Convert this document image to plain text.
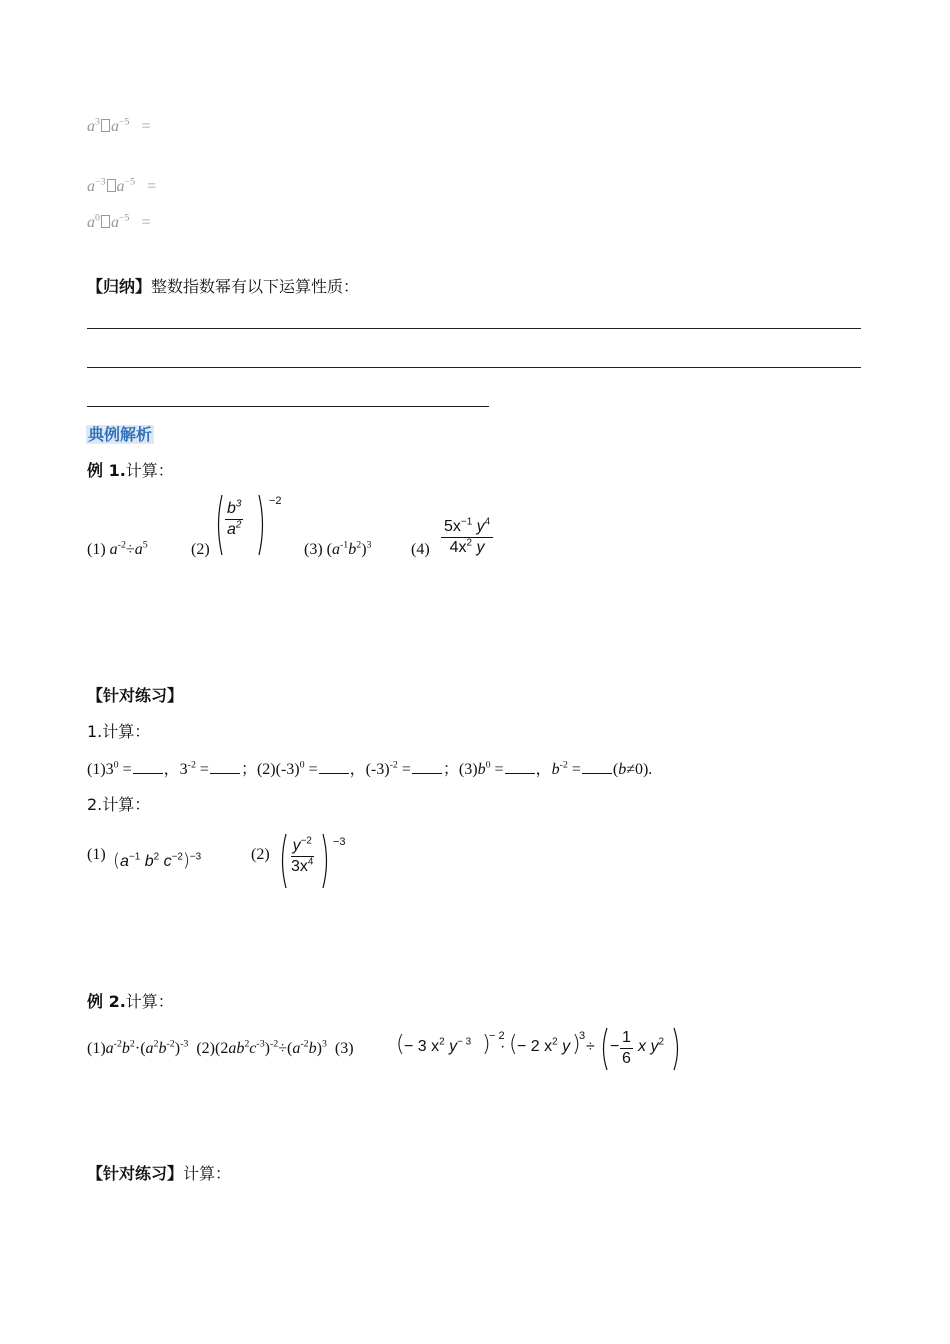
$a^3$ $a^{-5}$ =
$a^{-3}$ $a^{-5}$ =
$a^0$ $a^{-5}$ =
【归纳】整数指数幂有以下运算性质：
典例解析
例 1.计算：
(1) $a^{-2}\div a^5$	(2)
$\frac{b^3}{a^2} -2$
(3) $(a^{-1}b^2)^3$ $(4) \frac{5x^{-1} y^4}{4x^2 y}$
【针对练习】
1.计算：
$(1)3^0$ = ，$3^{-2}$ = ；$(2)(-3)^0$ = ，$(-3)^{-2}$ = ；$(3)b^0$ = ，$b^{-2} = (b\ne 0)$.
2.计算：
(1) ($a^{-1}$ $b^2$ $c^{-2})^{-3}$	$(2) \frac{y^{-2}}{3x^4} -3$
例 2.计算：
$(1)a^{-2}b^2\cdot(a^2b^{-2})^{-3}$ $(2)(2ab^2c^{-3})^{-2}\div(a^{-2}b)^3$ (3) ( − 3 $x^2$ $y^{- 3}$ )
− 2
· ( − 2 $x^2$ y )
3
÷ − $\frac{1}{6}$ x $y^2$
【针对练习】计算：
